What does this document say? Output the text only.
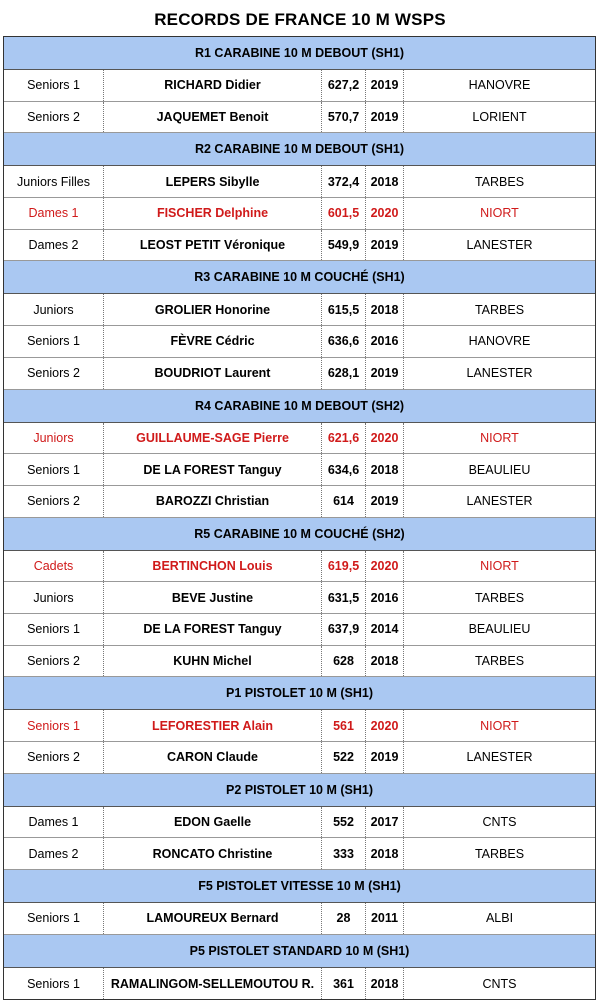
RECORDS DE FRANCE 10 M WSPS
R1 CARABINE 10 M DEBOUT (SH1)
Seniors 1	RICHARD Didier	627,2 2019	HANOVRE
Seniors 2	JAQUEMET Benoit	570,7 2019	LORIENT
R2 CARABINE 10 M DEBOUT (SH1)
Juniors Filles	LEPERS Sibylle	372,4 2018	TARBES
Dames 1	FISCHER Delphine	601,5 2020	NIORT
Dames 2	LEOST PETIT Véronique	549,9 2019	LANESTER
R3 CARABINE 10 M COUCHÉ (SH1)
Juniors	GROLIER Honorine	615,5 2018	TARBES
Seniors 1	FÈVRE Cédric	636,6 2016	HANOVRE
Seniors 2	BOUDRIOT Laurent	628,1 2019	LANESTER
R4 CARABINE 10 M DEBOUT (SH2)
Juniors	GUILLAUME-SAGE Pierre	621,6 2020	NIORT
Seniors 1	DE LA FOREST Tanguy	634,6 2018	BEAULIEU
Seniors 2	BAROZZI Christian	614	2019	LANESTER
R5 CARABINE 10 M COUCHÉ (SH2)
Cadets	BERTINCHON Louis	619,5 2020	NIORT
Juniors	BEVE Justine	631,5 2016	TARBES
Seniors 1	DE LA FOREST Tanguy	637,9 2014	BEAULIEU
Seniors 2	KUHN Michel	628	2018	TARBES
P1 PISTOLET 10 M (SH1)
Seniors 1	LEFORESTIER Alain	561	2020	NIORT
Seniors 2	CARON Claude	522	2019	LANESTER
P2 PISTOLET 10 M (SH1)
Dames 1	EDON Gaelle	552	2017	CNTS
Dames 2	RONCATO Christine	333	2018	TARBES
F5 PISTOLET VITESSE 10 M (SH1)
Seniors 1	LAMOUREUX Bernard	28	2011	ALBI
P5 PISTOLET STANDARD 10 M (SH1)
Seniors 1	RAMALINGOM-SELLEMOUTOU R.	361	2018	CNTS
